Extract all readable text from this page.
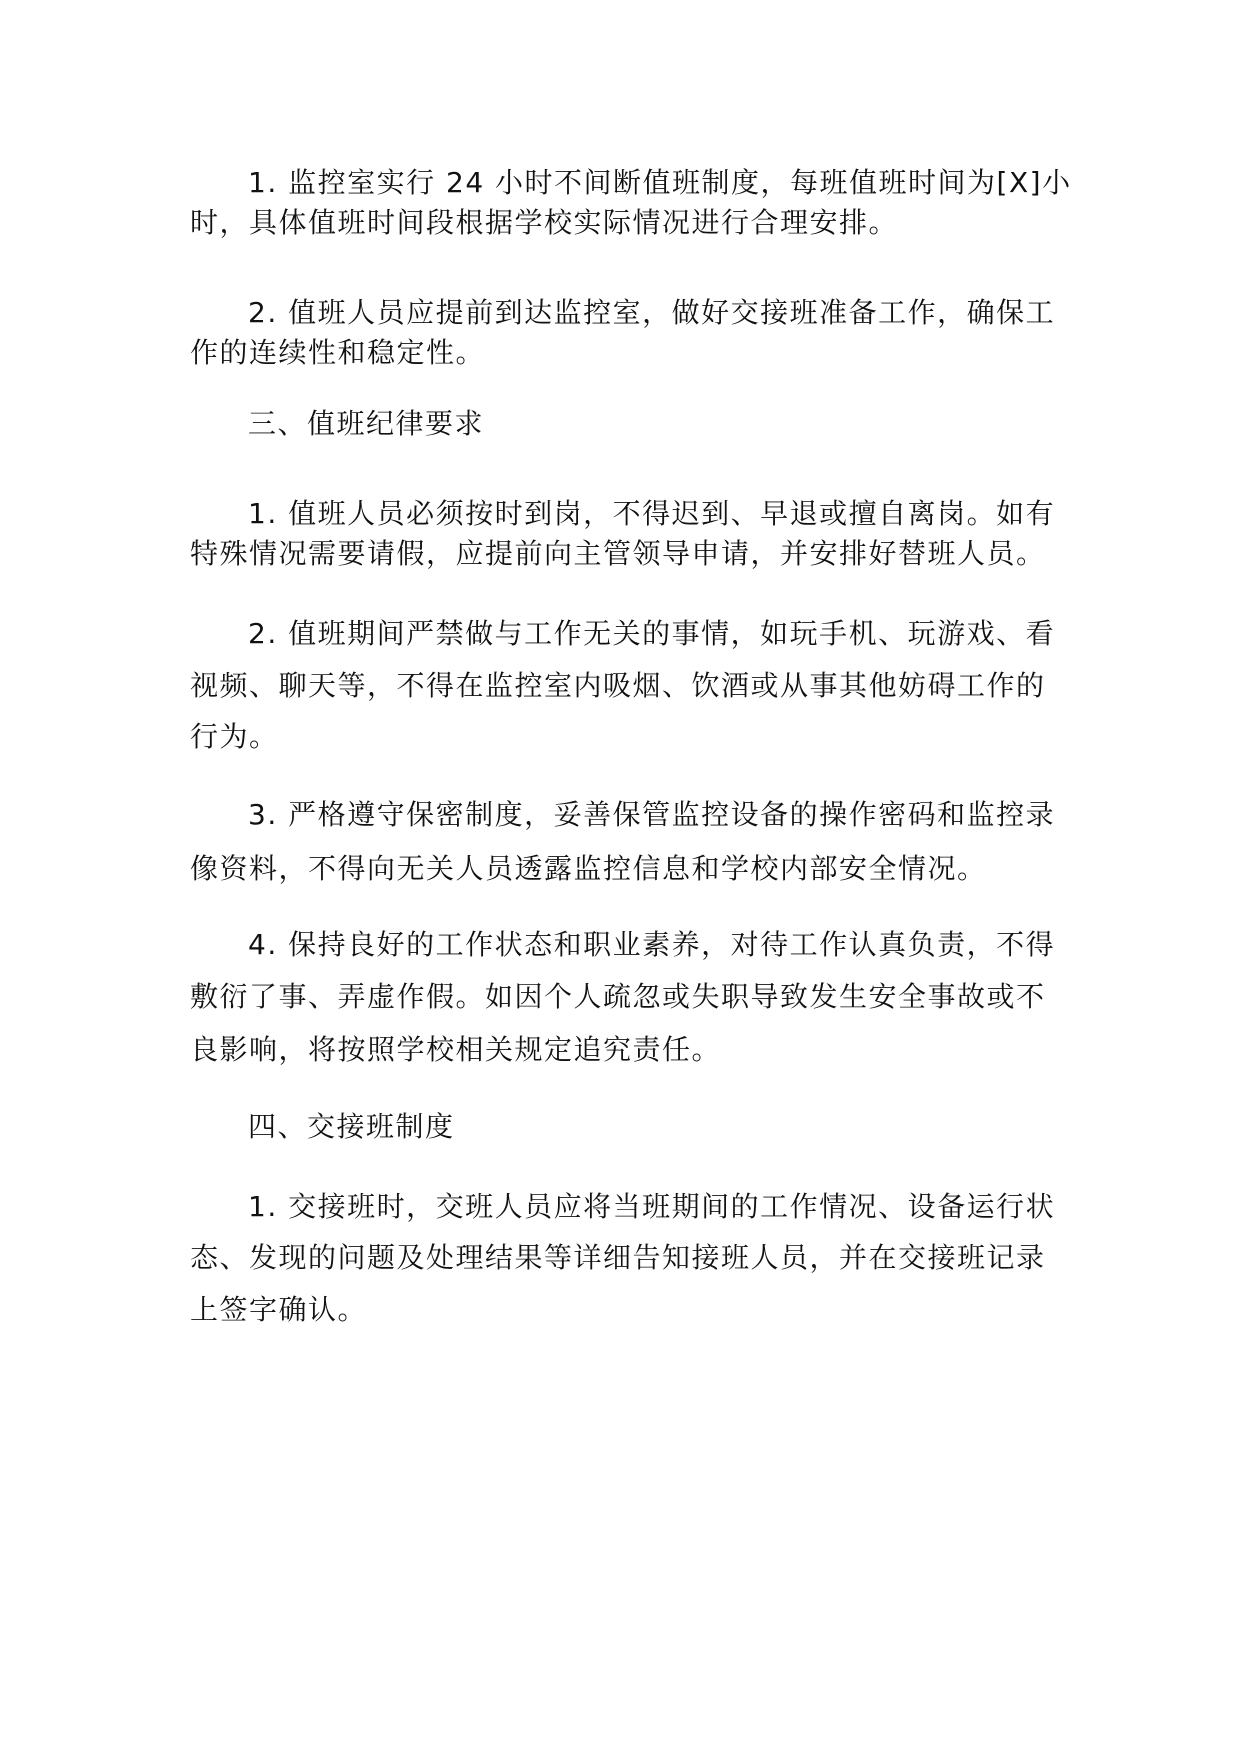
1. 监控室实行 24 小时不间断值班制度，每班值班时间为[X]小
时，具体值班时间段根据学校实际情况进行合理安排。
2. 值班人员应提前到达监控室，做好交接班准备工作，确保工
作的连续性和稳定性。
三、值班纪律要求
1. 值班人员必须按时到岗，不得迟到、早退或擅自离岗。如有
特殊情况需要请假，应提前向主管领导申请，并安排好替班人员。
2. 值班期间严禁做与工作无关的事情，如玩手机、玩游戏、看
视频、聊天等，不得在监控室内吸烟、饮酒或从事其他妨碍工作的
行为。
3. 严格遵守保密制度，妥善保管监控设备的操作密码和监控录
像资料，不得向无关人员透露监控信息和学校内部安全情况。
4. 保持良好的工作状态和职业素养，对待工作认真负责，不得
敷衍了事、弄虚作假。如因个人疏忽或失职导致发生安全事故或不
良影响，将按照学校相关规定追究责任。
四、交接班制度
1. 交接班时，交班人员应将当班期间的工作情况、设备运行状
态、发现的问题及处理结果等详细告知接班人员，并在交接班记录
上签字确认。
